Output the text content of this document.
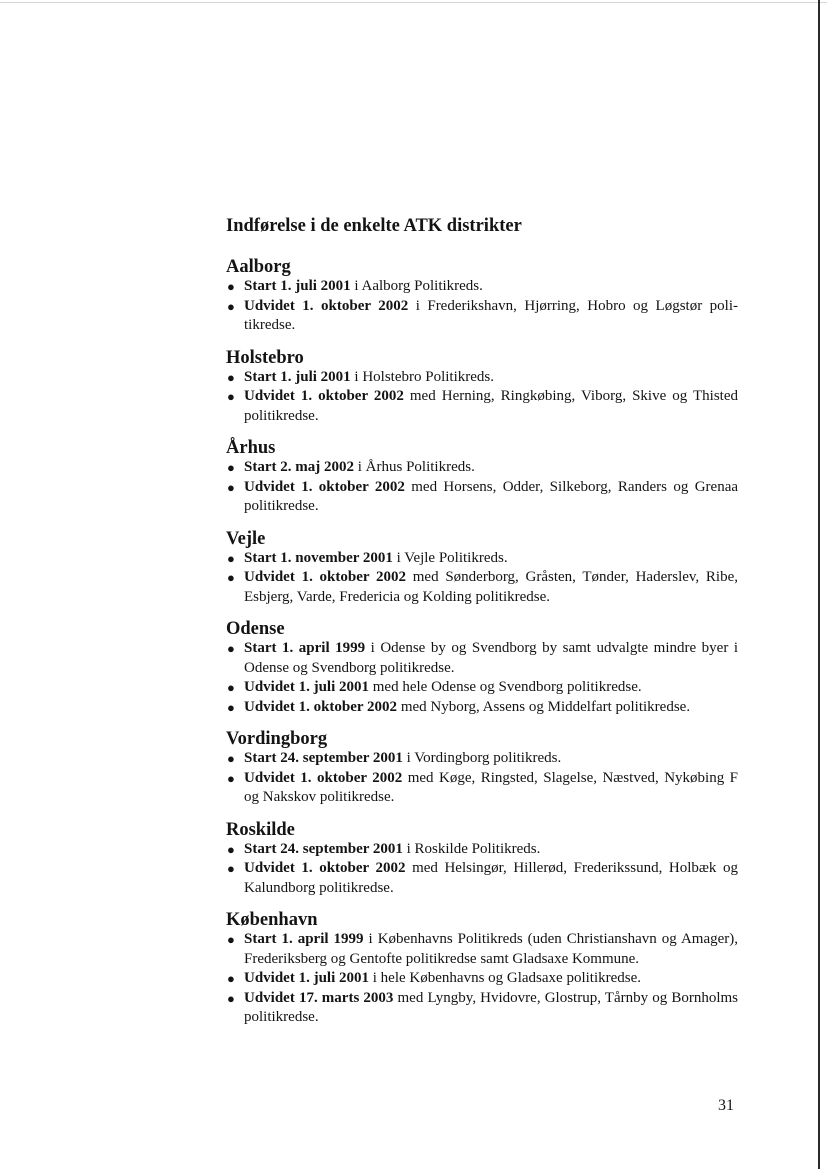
Indførelse i de enkelte ATK distrikter
Aalborg
● Start 1. juli 2001 i Aalborg Politikreds.
● Udvidet 1. oktober 2002 i Frederikshavn, Hjørring, Hobro og Løgstør politikredse.
Holstebro
● Start 1. juli 2001 i Holstebro Politikreds.
● Udvidet 1. oktober 2002 med Herning, Ringkøbing, Viborg, Skive og Thisted politikredse.
Århus
● Start 2. maj 2002 i Århus Politikreds.
● Udvidet 1. oktober 2002 med Horsens, Odder, Silkeborg, Randers og Grenaa politikredse.
Vejle
● Start 1. november 2001 i Vejle Politikreds.
● Udvidet 1. oktober 2002 med Sønderborg, Gråsten, Tønder, Haderslev, Ribe, Esbjerg, Varde, Fredericia og Kolding politikredse.
Odense
● Start 1. april 1999 i Odense by og Svendborg by samt udvalgte mindre byer i Odense og Svendborg politikredse.
● Udvidet 1. juli 2001 med hele Odense og Svendborg politikredse.
● Udvidet 1. oktober 2002 med Nyborg, Assens og Middelfart politikredse.
Vordingborg
● Start 24. september 2001 i Vordingborg politikreds.
● Udvidet 1. oktober 2002 med Køge, Ringsted, Slagelse, Næstved, Nykøbing F og Nakskov politikredse.
Roskilde
● Start 24. september 2001 i Roskilde Politikreds.
● Udvidet 1. oktober 2002 med Helsingør, Hillerød, Frederikssund, Holbæk og Kalundborg politikredse.
København
● Start 1. april 1999 i Københavns Politikreds (uden Christianshavn og Amager), Frederiksberg og Gentofte politikredse samt Gladsaxe Kommune.
● Udvidet 1. juli 2001 i hele Københavns og Gladsaxe politikredse.
● Udvidet 17. marts 2003 med Lyngby, Hvidovre, Glostrup, Tårnby og Bornholms politikredse.
31
